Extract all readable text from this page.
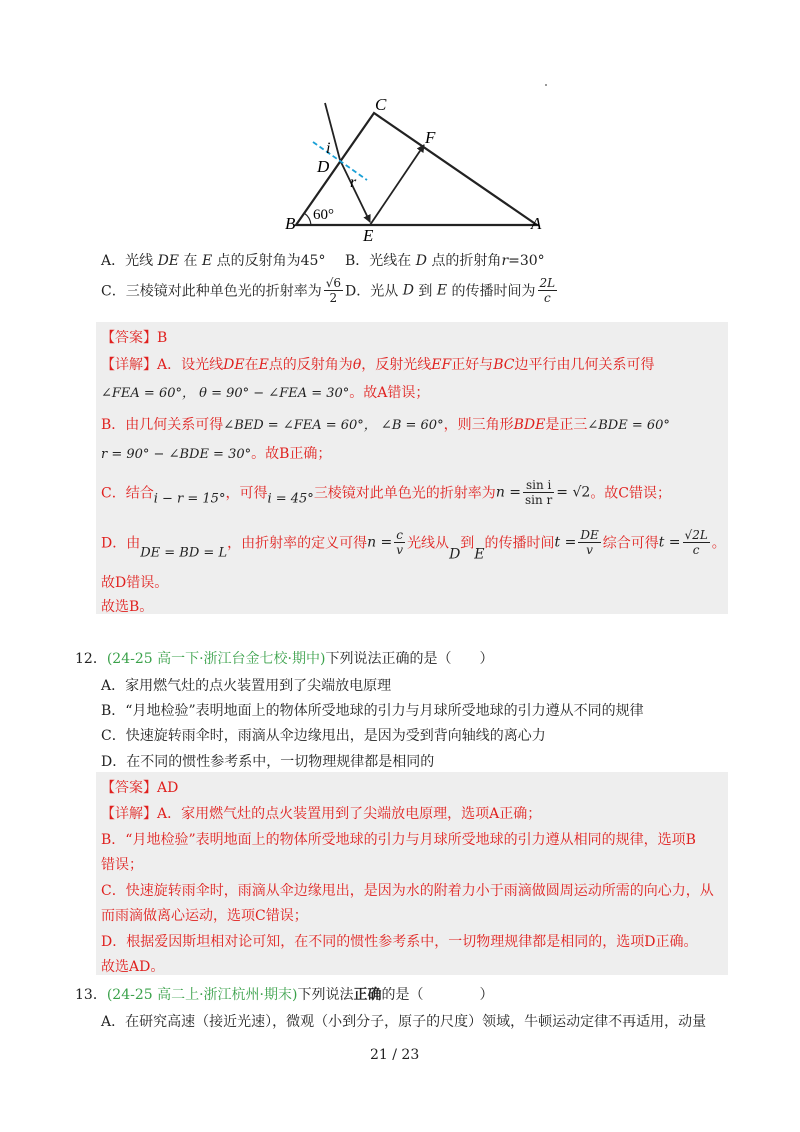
C
F
i
D
r
B 60°
E
A
A．光线 DE 在 E 点的反射角为45° B．光线在 D 点的折射角r=30°
C．三棱镜对此种单色光的折射率为 $\frac{√6}{2}$ D．光从 D 到 E 的传播时间为 $\frac{2L}{c}$
【答案】B
【详解】A．设光线DE在E点的反射角为θ，反射光线EF正好与BC边平行由几何关系可得
∠FEA = 60°， θ = 90° − ∠FEA = 30°。故A错误；
B．由几何关系可得∠BED = ∠FEA = 60°， ∠B = 60°，则三角形BDE是正三∠BDE = 60°
r = 90° − ∠BDE = 30°。故B正确；
C．结合i − r = 15°，可得i = 45°三棱镜对此单色光的折射率为$n = \frac{\text{sin i}}{\text{sin r}} = √2$。故C错误；
D．由DE = BD = L，由折射率的定义可得$n = \frac{c}{v}$ 光线从D到E的传播时间$t = \frac{DE}{v}$ 综合可得$t = \frac{√2L}{c}$ 。
故D错误。
故选B。
12．(24-25 高一下·浙江台金七校·期中)下列说法正确的是（　　）
A．家用燃气灶的点火装置用到了尖端放电原理
B．“月地检验”表明地面上的物体所受地球的引力与月球所受地球的引力遵从不同的规律
C．快速旋转雨伞时，雨滴从伞边缘甩出，是因为受到背向轴线的离心力
D．在不同的惯性参考系中，一切物理规律都是相同的
【答案】AD
【详解】A．家用燃气灶的点火装置用到了尖端放电原理，选项A正确；
B．“月地检验”表明地面上的物体所受地球的引力与月球所受地球的引力遵从相同的规律，选项B
错误；
C．快速旋转雨伞时，雨滴从伞边缘甩出，是因为水的附着力小于雨滴做圆周运动所需的向心力，从
而雨滴做离心运动，选项C错误；
D．根据爱因斯坦相对论可知，在不同的惯性参考系中，一切物理规律都是相同的，选项D正确。
故选AD。
13．(24-25 高二上·浙江杭州·期末)下列说法正确的是（　　　　）
A．在研究高速（接近光速），微观（小到分子，原子的尺度）领域，牛顿运动定律不再适用，动量
21 / 23
